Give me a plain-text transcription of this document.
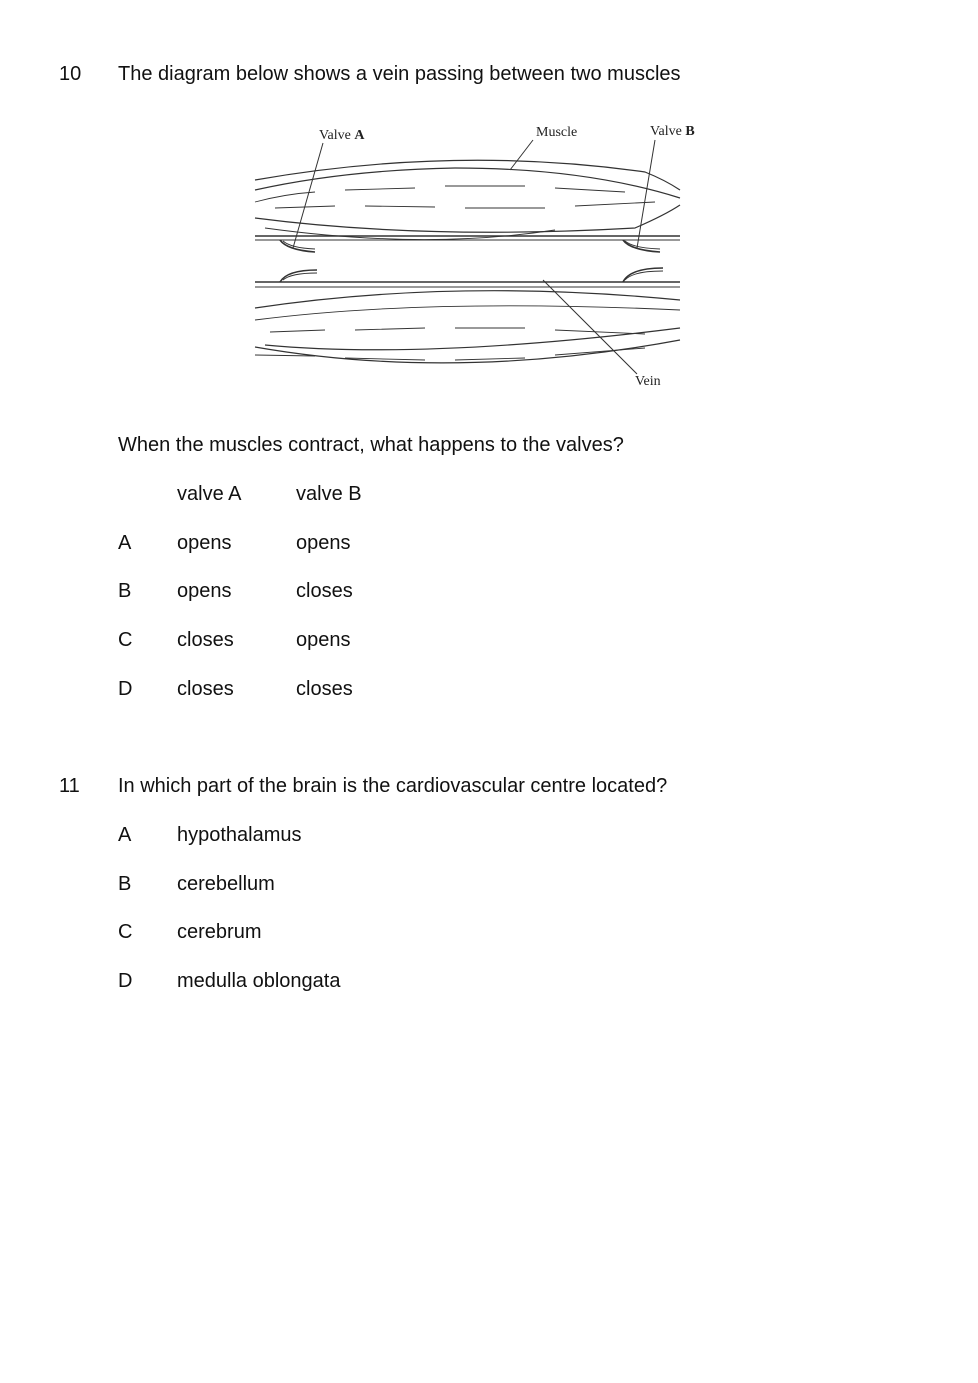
10 The diagram below shows a vein passing between two muscles
Valve A	Muscle	Valve B
Vein
When the muscles contract, what happens to the valves?
valve A	valve B
A opens	opens
B opens	closes
C closes	opens
D closes	closes
11 In which part of the brain is the cardiovascular centre located?
A hypothalamus
B cerebellum
C cerebrum
D medulla oblongata
